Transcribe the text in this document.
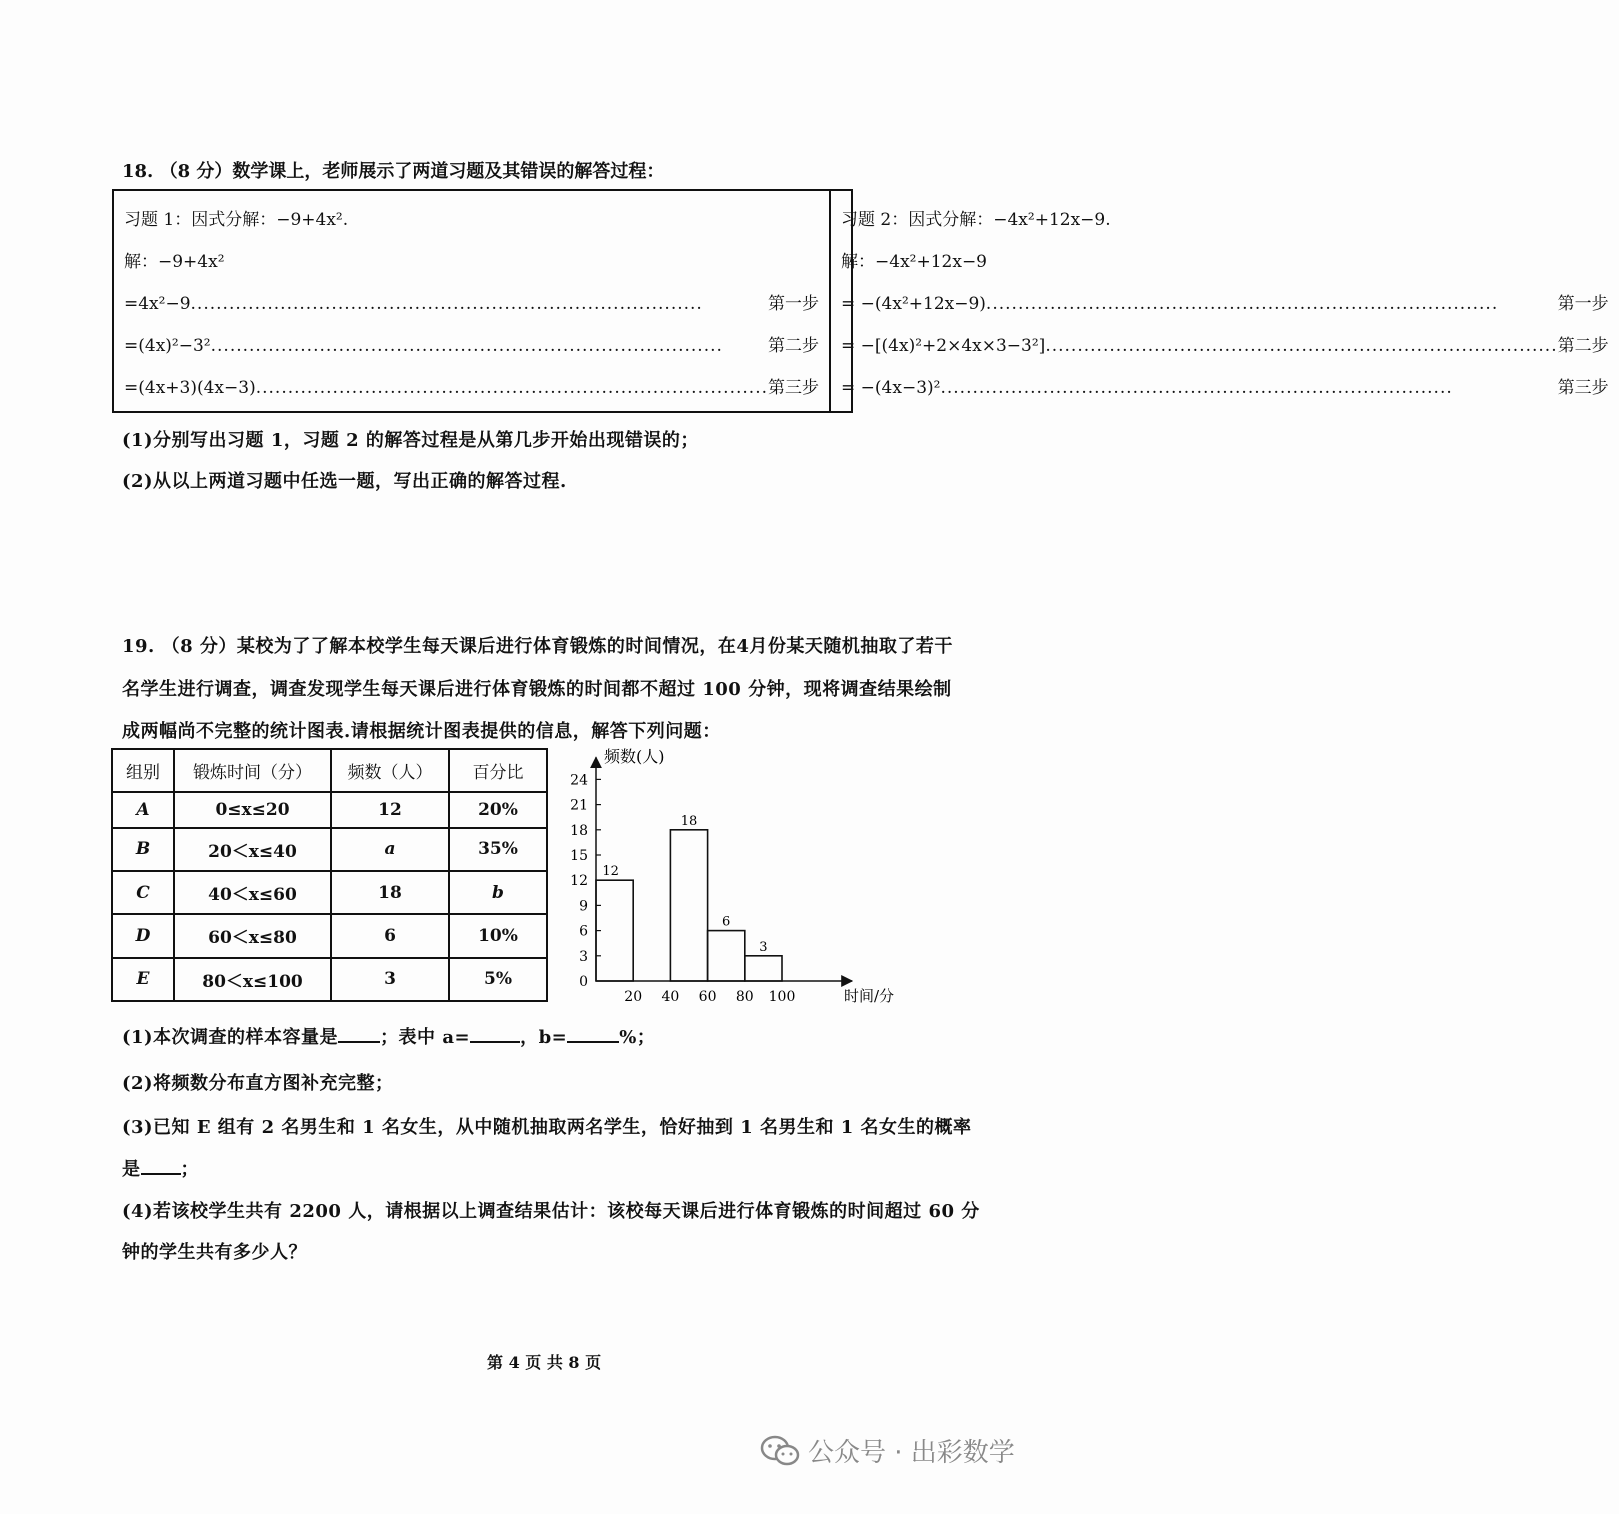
18. （8 分）数学课上，老师展示了两道习题及其错误的解答过程：
习题 1：因式分解：−9+4x².
解：−9+4x²
=4x²−9 .....	第一步
=(4x)²−3² .....	第二步
=(4x+3)(4x−3) .....	第三步
习题 2：因式分解：−4x²+12x−9.
解：−4x²+12x−9
= −(4x²+12x−9) .....	第一步
= −[(4x)²+2×4x×3−3²] .....	第二步
= −(4x−3)² .....	第三步
(1)分别写出习题 1，习题 2 的解答过程是从第几步开始出现错误的；
(2)从以上两道习题中任选一题，写出正确的解答过程.
19. （8 分）某校为了了解本校学生每天课后进行体育锻炼的时间情况，在4月份某天随机抽取了若干
名学生进行调查，调查发现学生每天课后进行体育锻炼的时间都不超过 100 分钟，现将调查结果绘制
成两幅尚不完整的统计图表.请根据统计图表提供的信息，解答下列问题：
组别	锻炼时间（分）	频数（人）	百分比
A	0≤x≤20	12	20%
B	20＜x≤40	a	35%
C	40＜x≤60	18	b
D	60＜x≤80	6	10%
E	80＜x≤100	3	5%	0
3
6
9
12
15
18
21
24
20 40 60 80 100
频数(人)
时间/分
12
18
6
3
(1)本次调查的样本容量是 ；表中 a=	，b=	%；
(2)将频数分布直方图补充完整；
(3)已知 E 组有 2 名男生和 1 名女生，从中随机抽取两名学生，恰好抽到 1 名男生和 1 名女生的概率
是 ；
(4)若该校学生共有 2200 人，请根据以上调查结果估计：该校每天课后进行体育锻炼的时间超过 60 分
钟的学生共有多少人？
第 4 页 共 8 页
公众号 · 出彩数学
